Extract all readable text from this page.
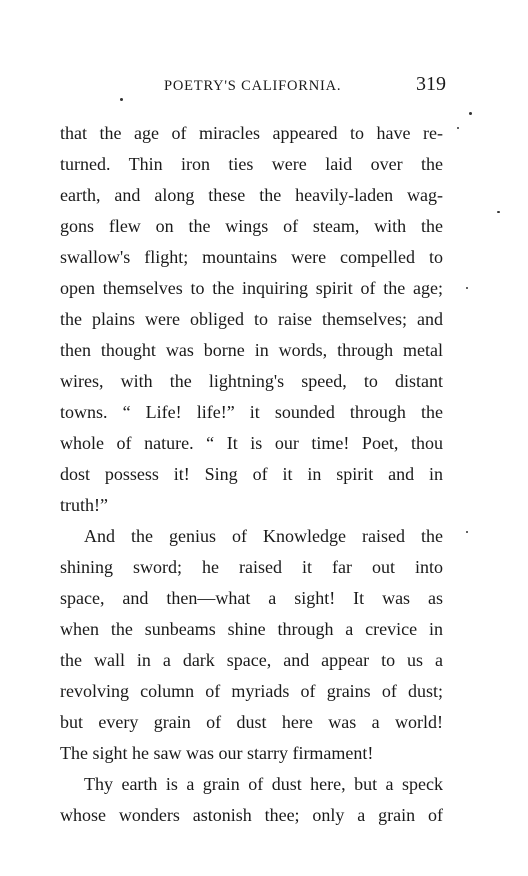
POETRY'S CALIFORNIA.	319
that the age of miracles appeared to have re-
turned. Thin iron ties were laid over the
earth, and along these the heavily-laden wag-
gons flew on the wings of steam, with the
swallow's flight; mountains were compelled to
open themselves to the inquiring spirit of the age;
the plains were obliged to raise themselves; and
then thought was borne in words, through metal
wires, with the lightning's speed, to distant
towns. “ Life! life!” it sounded through the
whole of nature. “ It is our time! Poet, thou
dost possess it! Sing of it in spirit and in
truth!”
And the genius of Knowledge raised the
shining sword; he raised it far out into
space, and then—what a sight! It was as
when the sunbeams shine through a crevice in
the wall in a dark space, and appear to us a
revolving column of myriads of grains of dust;
but every grain of dust here was a world!
The sight he saw was our starry firmament!
Thy earth is a grain of dust here, but a speck
whose wonders astonish thee; only a grain of
